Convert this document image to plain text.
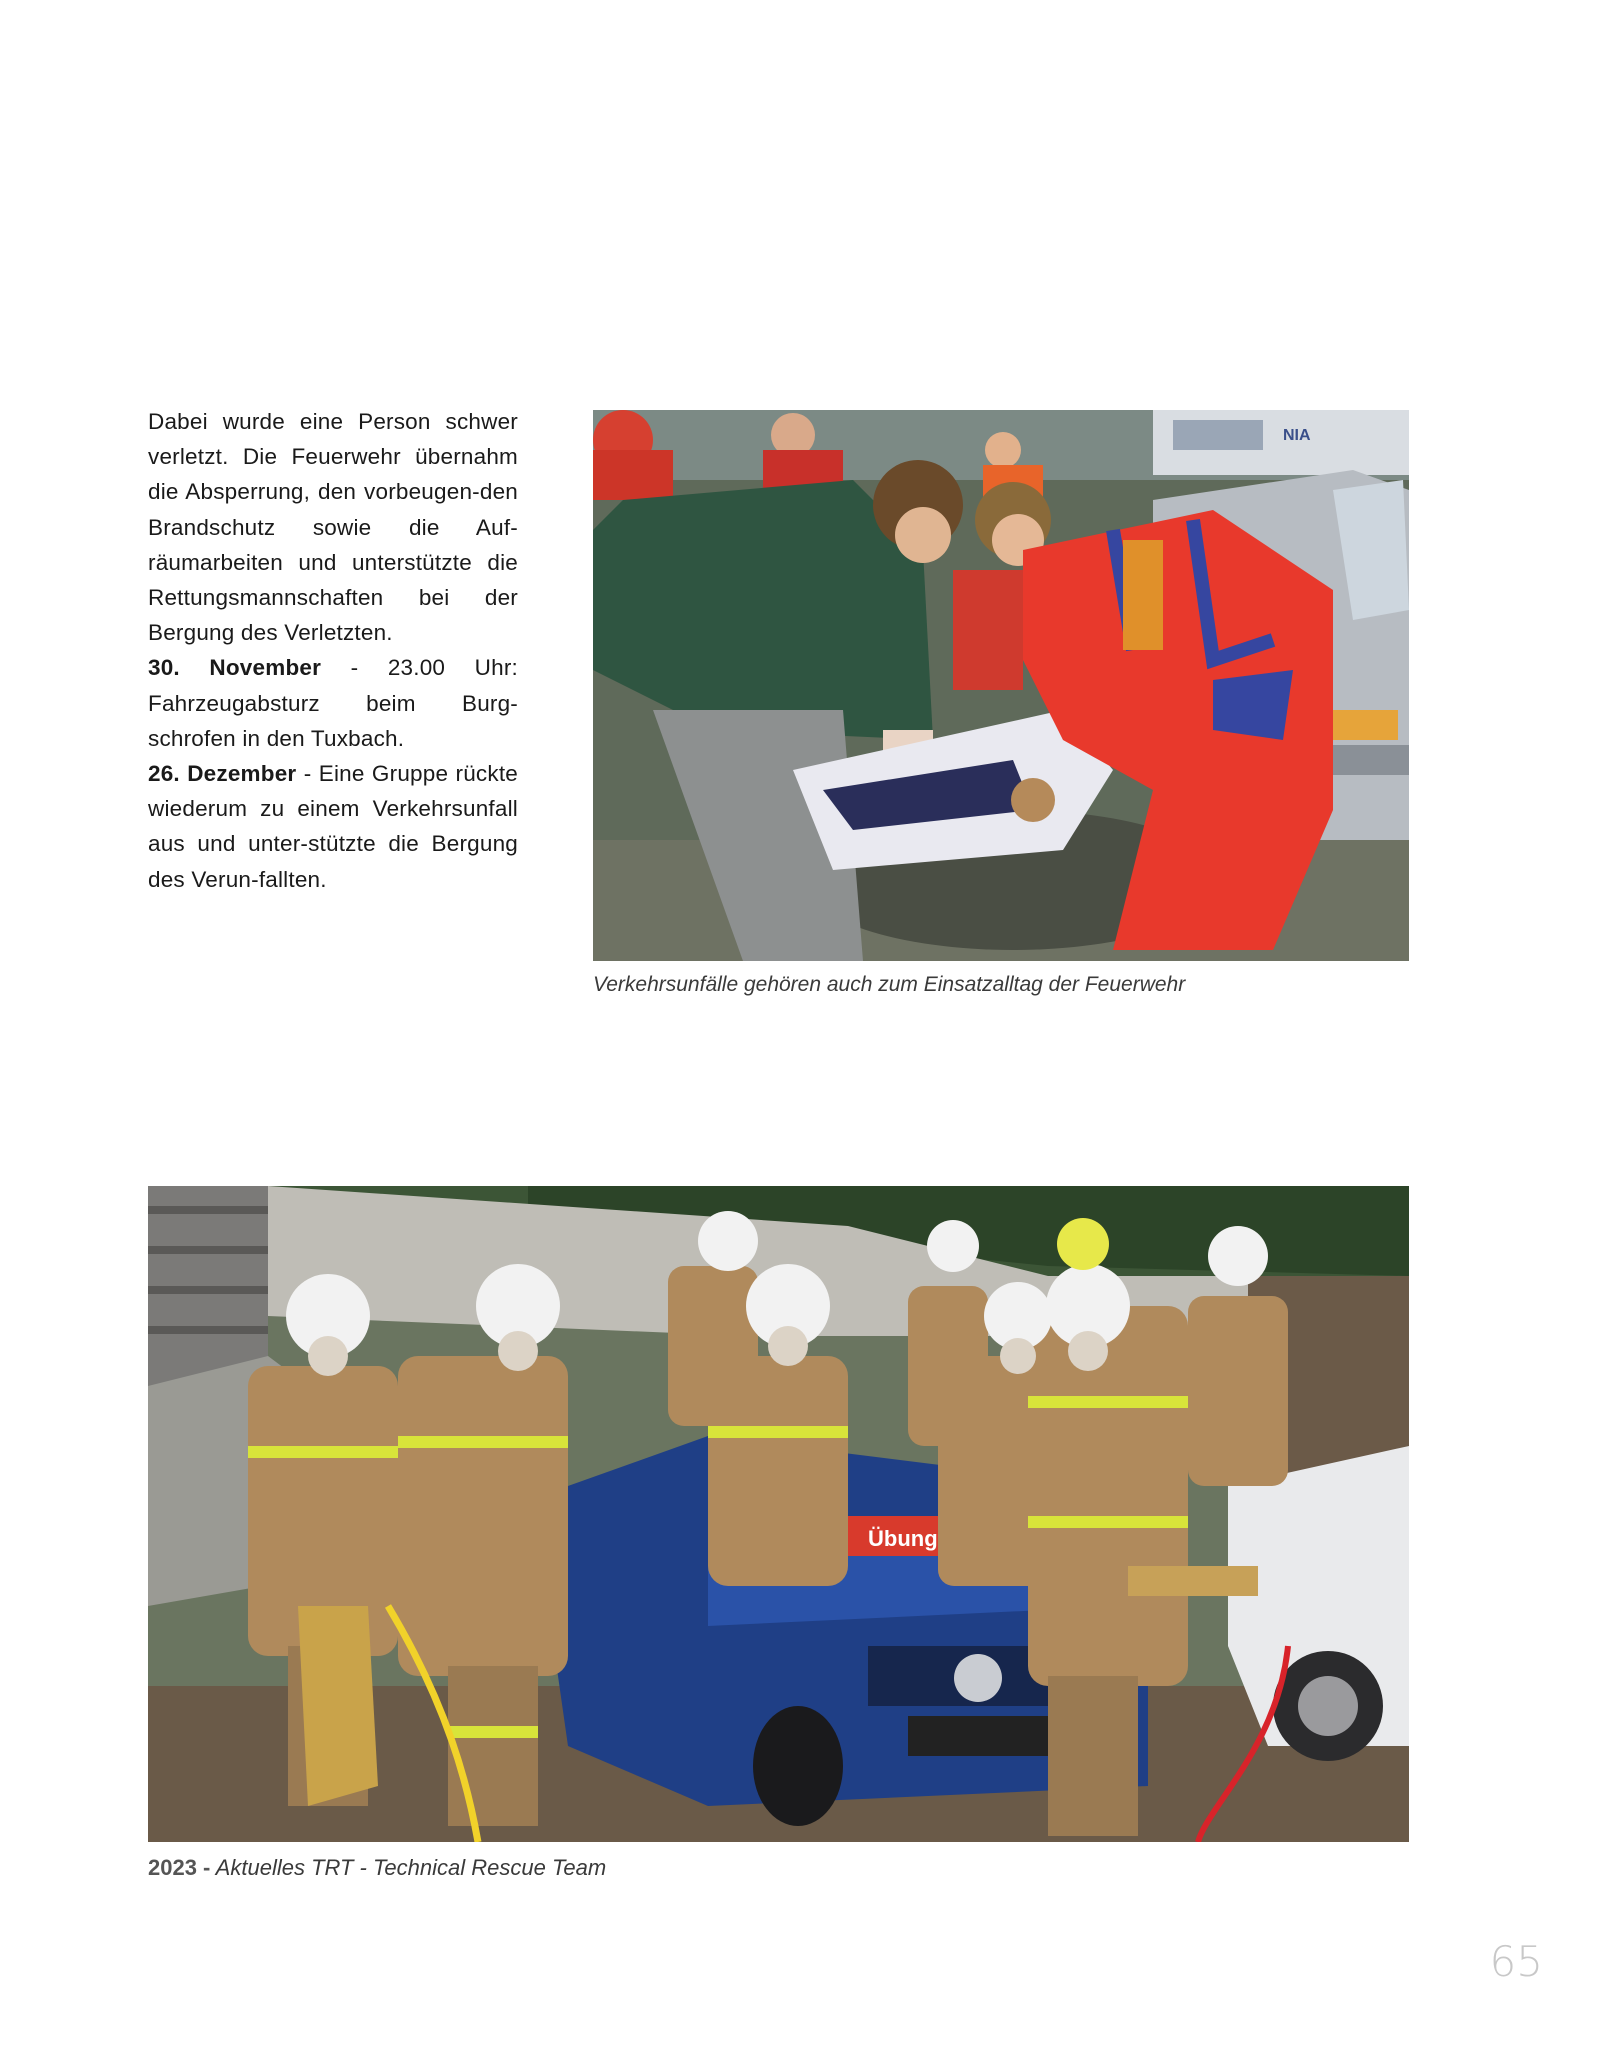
Dabei wurde eine Person schwer verletzt. Die Feuerwehr übernahm die Absperrung, den vorbeugen-den Brandschutz sowie die Auf-räumarbeiten und unterstützte die Rettungsmannschaften bei der Bergung des Verletzten.

30. November - 23.00 Uhr: Fahrzeugabsturz beim Burg-schrofen in den Tuxbach.

26. Dezember - Eine Gruppe rückte wiederum zu einem Verkehrsunfall aus und unter-stützte die Bergung des Verun-fallten.

NIA
Verkehrsunfälle gehören auch zum Einsatzalltag der Feuerwehr
Übung
2023 - Aktuelles TRT - Technical Rescue Team
65
